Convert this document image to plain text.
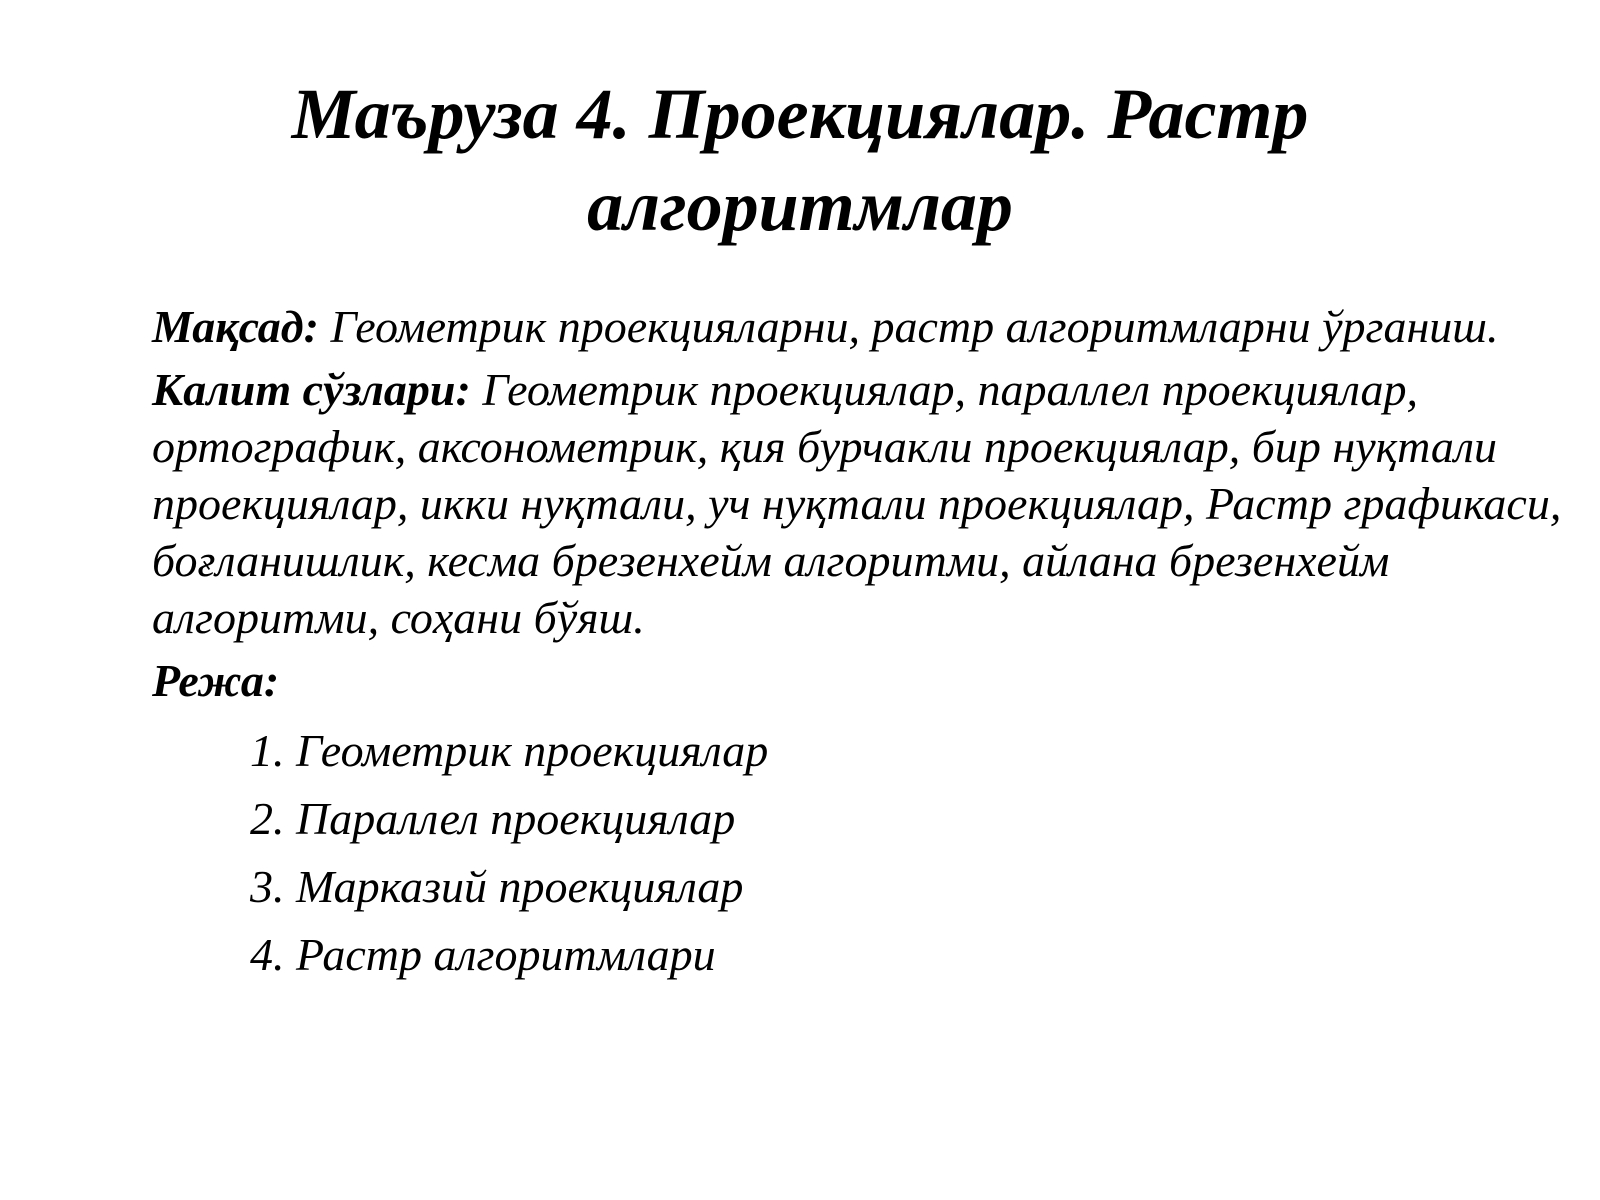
Маъруза 4. Проекциялар. Растр алгоритмлар

Мақсад: Геометрик проекцияларни, растр алгоритмларни ўрганиш.

Калит сўзлари: Геометрик проекциялар, параллел проекциялар, ортографик, аксонометрик, қия бурчакли проекциялар, бир нуқтали проекциялар, икки нуқтали, уч нуқтали проекциялар, Растр графикаси, боғланишлик, кесма брезенхейм алгоритми, айлана брезенхейм алгоритми, соҳани бўяш.

Режа:

1. Геометрик проекциялар
2. Параллел проекциялар
3. Марказий проекциялар
4. Растр алгоритмлари
